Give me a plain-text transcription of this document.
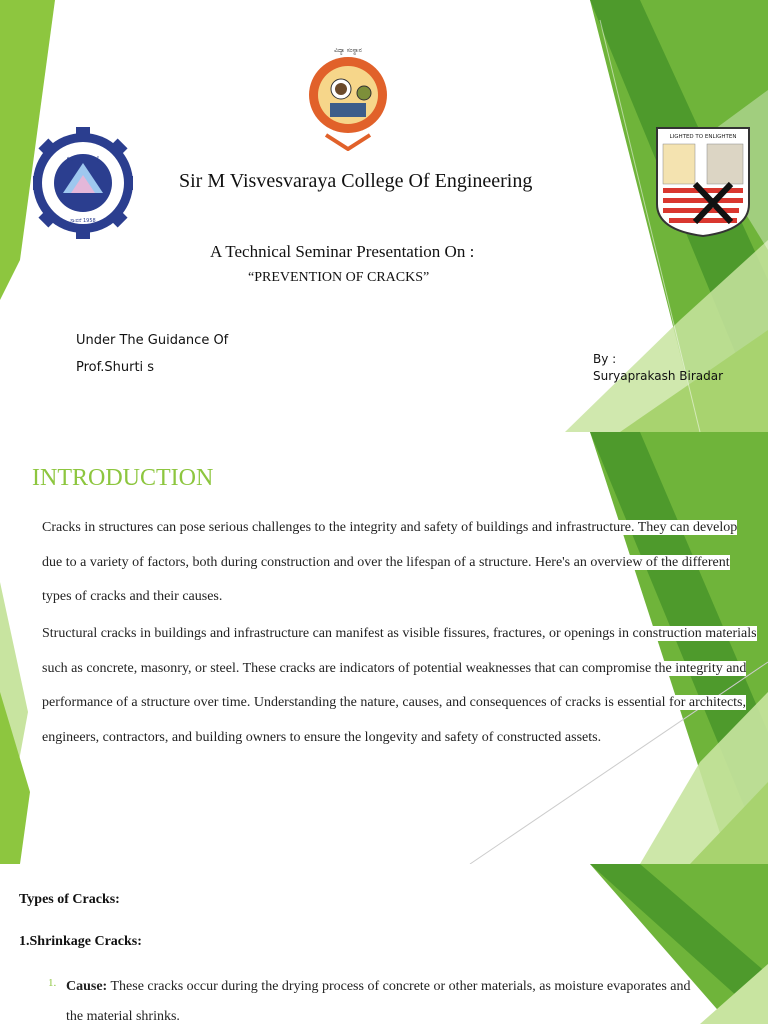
ವಿದ್ಯಾ ಸಂಸ್ಥಾನ
ಕನ್ನಡ ಶಿಕ್ಷಣ ಸಂಸ್ಥೆ
ಸ್ಥಾಪನೆ 1958
LIGHTED TO ENLIGHTEN
Sir M Visvesvaraya College Of Engineering
A Technical Seminar Presentation On :
“PREVENTION OF CRACKS”
Under The Guidance Of
Prof.Shurti s
By :
Suryaprakash Biradar
INTRODUCTION

Cracks in structures can pose serious challenges to the integrity and safety of buildings and infrastructure. They can develop due to a variety of factors, both during construction and over the lifespan of a structure. Here's an overview of the different types of cracks and their causes.

Structural cracks in buildings and infrastructure can manifest as visible fissures, fractures, or openings in construction materials such as concrete, masonry, or steel. These cracks are indicators of potential weaknesses that can compromise the integrity and performance of a structure over time. Understanding the nature, causes, and consequences of cracks is essential for architects, engineers, contractors, and building owners to ensure the longevity and safety of constructed assets.

Types of Cracks:
1.Shrinkage Cracks:
1. Cause: These cracks occur during the drying process of concrete or other materials, as moisture evaporates and the material shrinks.
